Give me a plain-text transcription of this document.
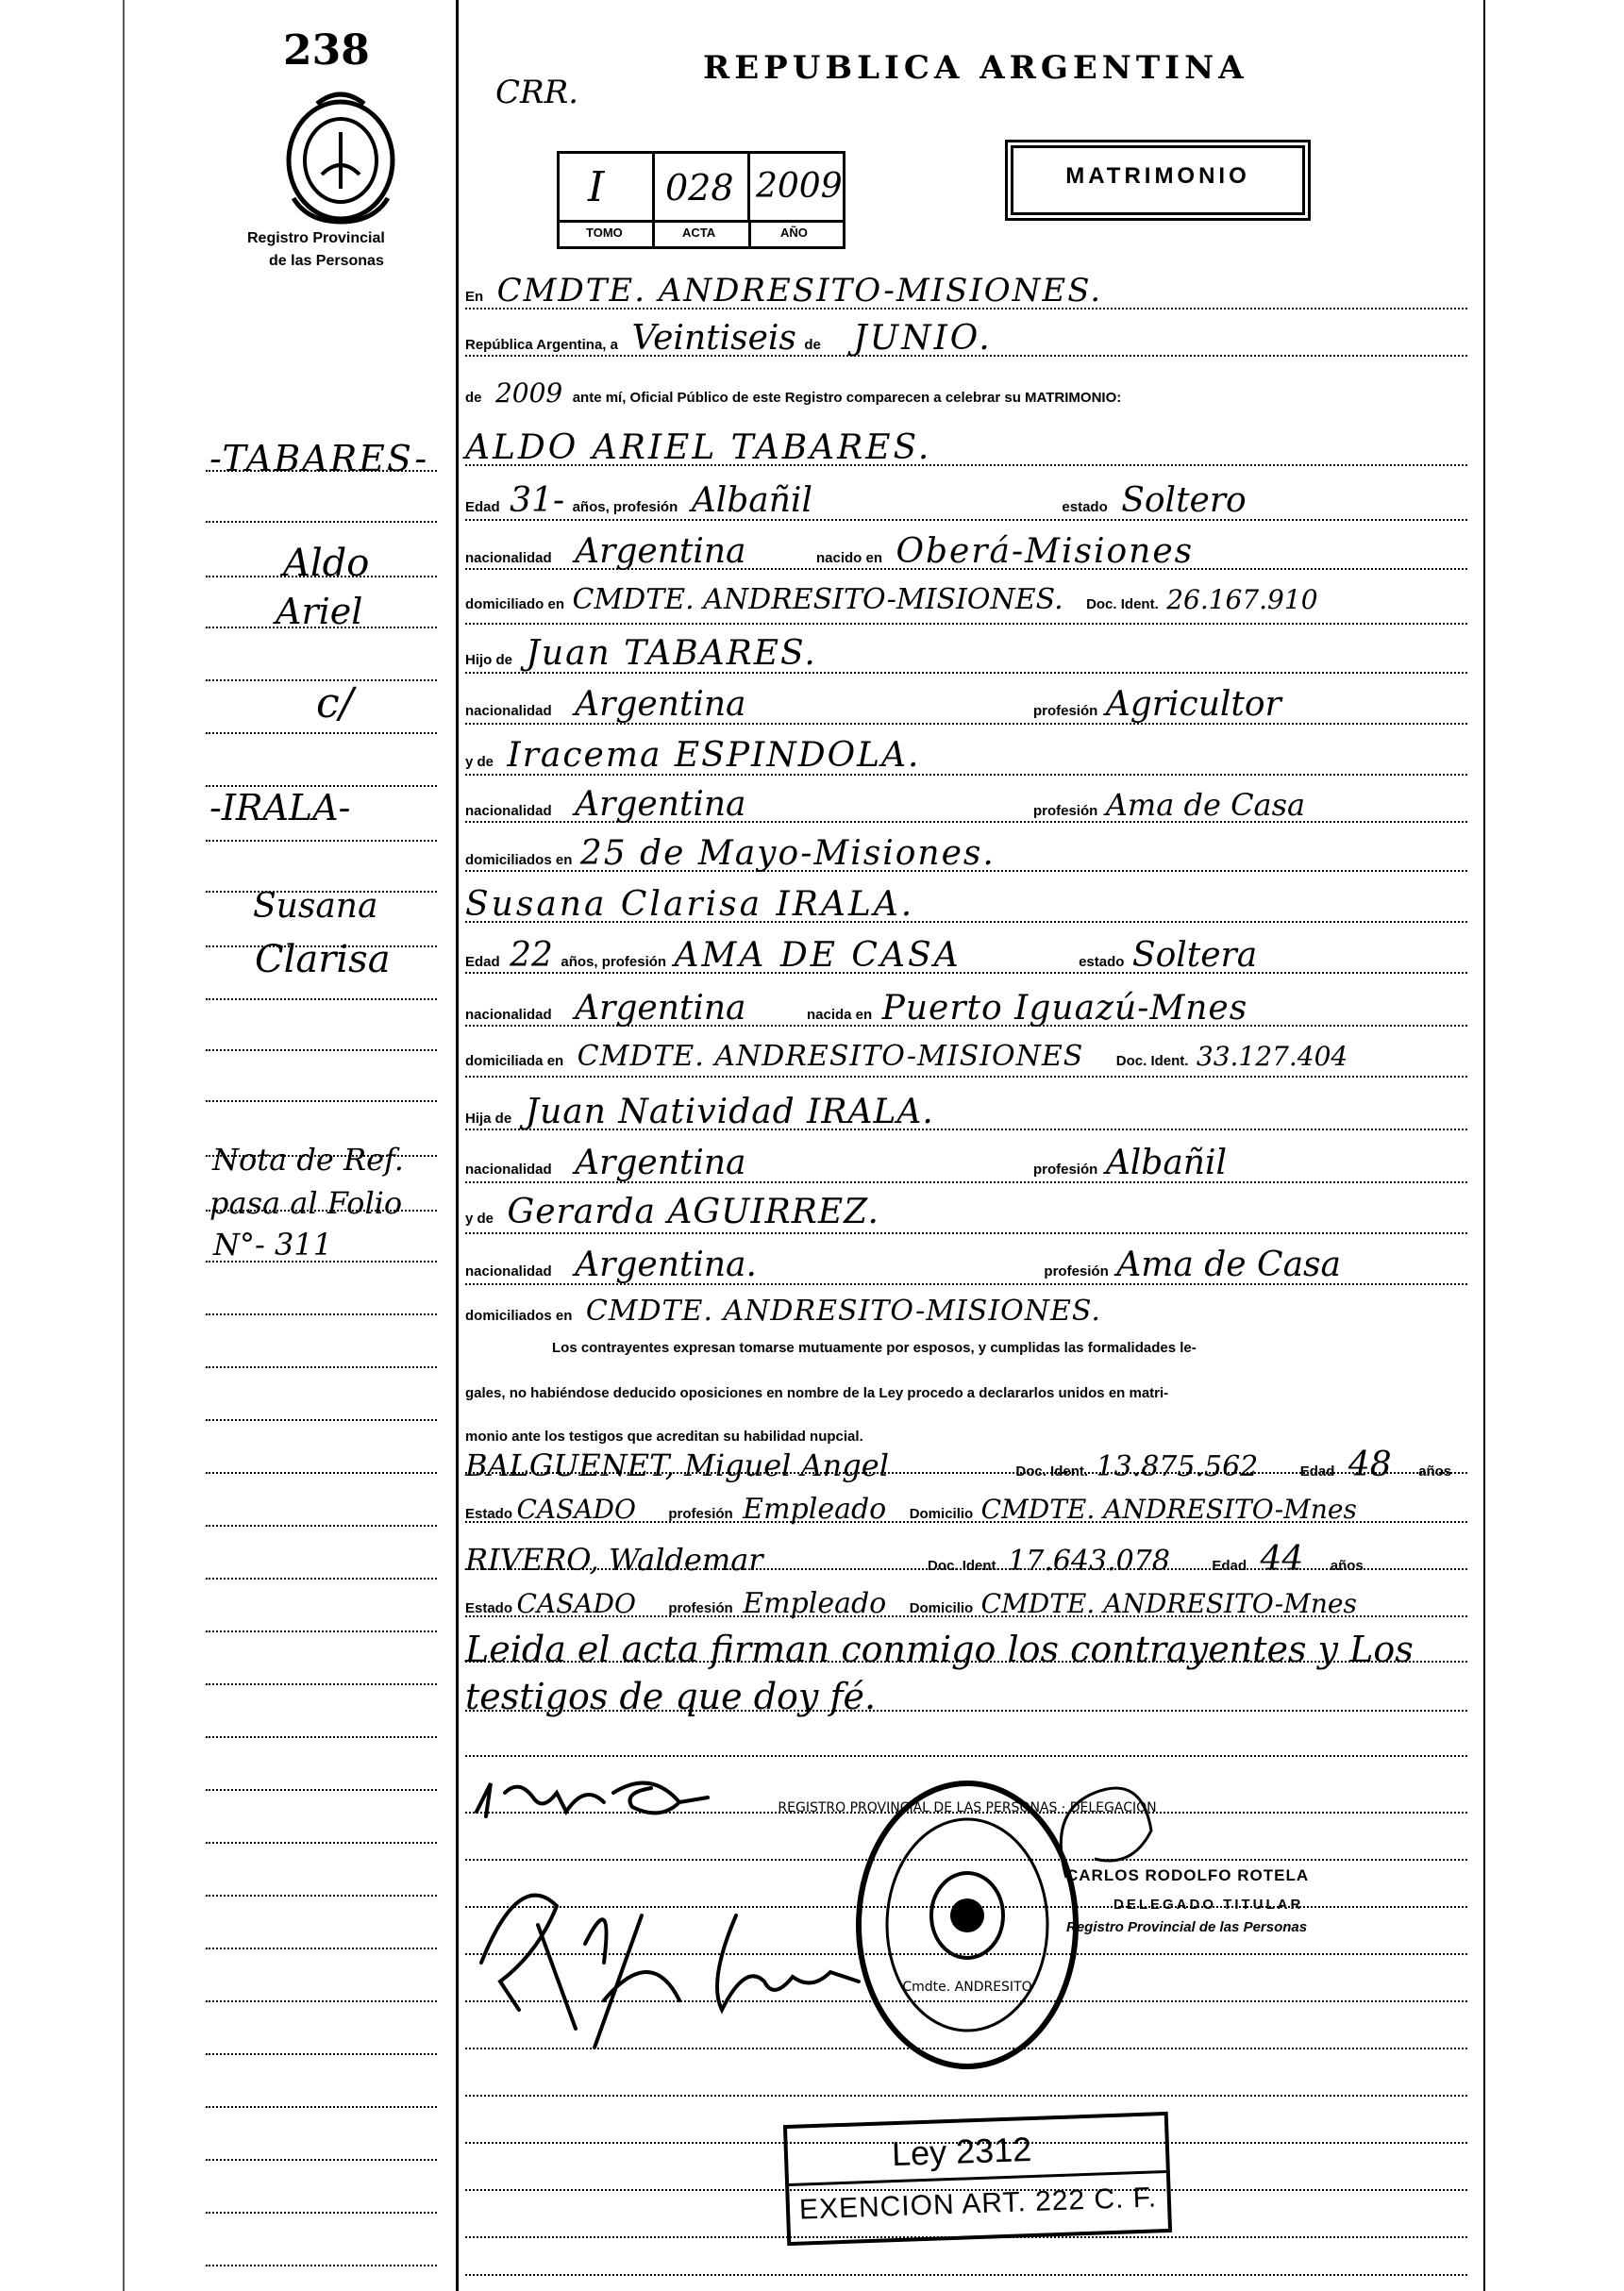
238
Registro Provincial
de las Personas
CRR.
REPUBLICA ARGENTINA
I 028 2009
TOMO	ACTA	AÑO
MATRIMONIO
-TABARES-
Aldo
Ariel
c/
-IRALA-
Susana
Clarisa
Nota de Ref.
pasa al Folio
N°- 311
En CMDTE. ANDRESITO-MISIONES.
República Argentina, a Veintiseis de JUNIO.
de 2009 ante mí, Oficial Público de este Registro comparecen a celebrar su MATRIMONIO:
ALDO ARIEL TABARES.
Edad 31- años, profesión Albañil	estado Soltero
nacionalidad Argentina	nacido en Oberá-Misiones
domiciliado en CMDTE. ANDRESITO-MISIONES. Doc. Ident. 26.167.910
Hijo de Juan TABARES.
nacionalidad Argentina	profesión Agricultor
y de Iracema ESPINDOLA.
nacionalidad Argentina	profesión Ama de Casa
domiciliados en 25 de Mayo-Misiones.
Susana Clarisa IRALA.
Edad 22 años, profesión AMA DE CASA	estado Soltera
nacionalidad Argentina	nacida en Puerto Iguazú-Mnes
domiciliada en CMDTE. ANDRESITO-MISIONES Doc. Ident. 33.127.404
Hija de Juan Natividad IRALA.
nacionalidad Argentina	profesión Albañil
y de Gerarda AGUIRREZ.
nacionalidad Argentina.	profesión Ama de Casa
domiciliados en CMDTE. ANDRESITO-MISIONES.
Los contrayentes expresan tomarse mutuamente por esposos, y cumplidas las formalidades le-
gales, no habiéndose deducido oposiciones en nombre de la Ley procedo a declararlos unidos en matri-
monio ante los testigos que acreditan su habilidad nupcial.
BALGUENET, Miguel Angel	Doc. Ident. 13.875.562	Edad 48 años
Estado CASADO profesión Empleado Domicilio CMDTE. ANDRESITO-Mnes
RIVERO, Waldemar	Doc. Ident. 17.643.078	Edad 44 años
Estado CASADO profesión Empleado Domicilio CMDTE. ANDRESITO-Mnes
Leida el acta firman conmigo los contrayentes y Los
testigos de que doy fé.
REGISTRO PROVINCIAL DE LAS PERSONAS · DELEGACION
Cmdte. ANDRESITO
CARLOS RODOLFO ROTELA
DELEGADO TITULAR
Registro Provincial de las Personas
Ley 2312
EXENCION ART. 222 C. F.
